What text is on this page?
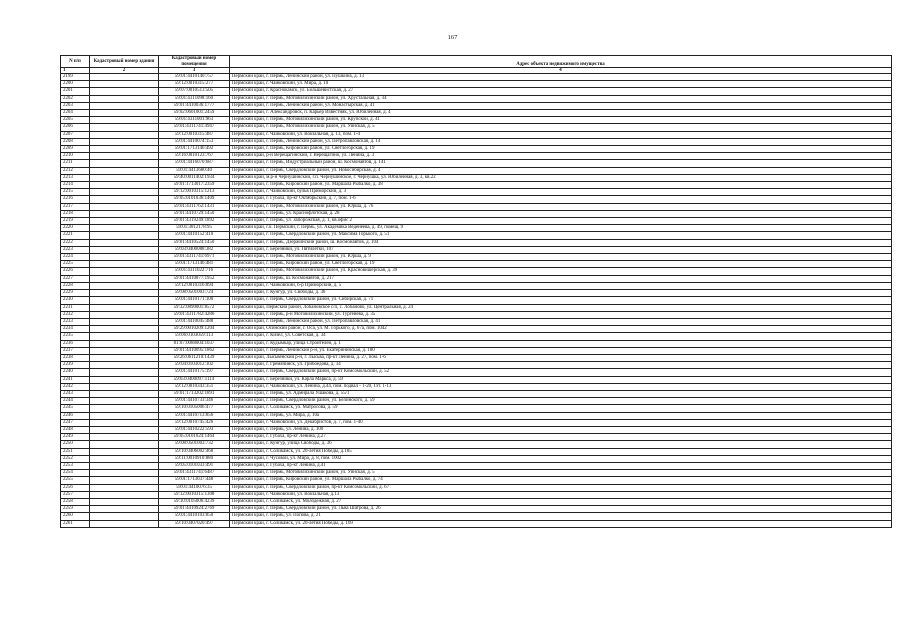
167
N п/п	Кадастровый номер здания	Кадастровый номер помещения	Адрес объекта недвижимого имущества
1	2	3	4
2199		59:01:4410140:757	Пермский край, г. Пермь, Ленинский район, ул. Пушкина, д. 13
2200		59:12:0010315:277	Пермский край, г. Чайковский, ул. Мира, д. 10
2201		59:07:0010513:505	Пермский край, г. Краснокамск, ул. Большевистская, д. 27
2202		59:01:4311098:160	Пермский край, г. Пермь, Мотовилихинский район, ул. Хрустальная, д. 34
2203		59:01:4410036:1777	Пермский край, г. Пермь, Ленинский район, ул. Монастырская, д. 41
2204		59:02:0601001:2459	Пермский край, г. Александровск, п. Карьер Известняк, ул. Юбилейная, д. 4
2205		59:01:4311001:963	Пермский край, г. Пермь, Мотовилихинский район, ул. Крупской, д. 41
2206		59:01:4311741:4947	Пермский край, г. Пермь, Мотовилихинский район, ул. Уинская, д. 5
2207		59:12:0010315:487	Пермский край, г. Чайковский, ул. Вокзальная, д. 13, пом. 1-4
2208		59:01:4410074:153	Пермский край, г. Пермь, Ленинский район, ул. Петропавловская, д. 14
2209		59:01:1713146:492	Пермский край, г. Пермь, Кировский район, ул. Светлогорская, д. 19
2210		59:16:0010123:767	Пермский край, р-н Верещагинский, г. Верещагино, ул. Ленина, д. 3
2211		59:01:4416070:687	Пермский край, г. Пермь, Индустриальный район, ш. Космонавтов, д. 141
2212		59:01:4413680:40	Пермский край, г. Пермь, Свердловский район, ул. Новосибирская, д. 4
2213		59:40:0011402:1934	Пермский край, м.р-н Чернушинский, г.п. Чернушинское, г. Чернушка, ул. Юбилейная, д. 3, кв.22
2214		59:01:1713017:2359	Пермский край, г. Пермь, Кировский район, ул. Маршала Рыбалко, д. 38
2215		59:12:0010315:1213	Пермский край, г. Чайковский, бульв Приморский, д. 3
2216		59:05:0101036:1409	Пермский край, г. Губаха, пр-кт Октябрьский, д. 7, пом. 1-6
2217		59:01:4311762:1431	Пермский край, г. Пермь, Мотовилихинский район, ул. Юрша, д. 76
2218		59:01:4410729:1450	Пермский край, г. Пермь, ул. Краснофлотская, д. 28
2219		59:01:4319249:1892	Пермский край, г. Пермь, ул. Запорожская, д. 1, кв.офис 2
2220		59:01:3812178:95	Пермский край, г.о. Пермский, г. Пермь, ул. Академика Веденеева, д. 49, помещ. 9
2221		59:01:4410152:410	Пермский край, г. Пермь, Свердловский район, ул. Максима Горького, д. 51
2222		59:01:4410524:1450	Пермский край, г. Пермь, Дзержинский район, ш. Космонавтов, д. 104
2223		59:03:0400088:382	Пермский край, г. Березники, ул. Пятилетки, 107
2224		59:01:4311741:6971	Пермский край, г. Пермь, Мотовилихинский район, ул. Юрша, д. 9
2225		59:01:1713146:481	Пермский край, г. Пермь, Кировский район, ул. Светлогорская, д. 19
2226		59:01:4311022:716	Пермский край, г. Пермь, Мотовилихинский район, ул. Красновишерская, д. 39
2227		59:01:4410877:1952	Пермский край, г. Пермь, ш. Космонавтов, д. 217
2228		59:12:0010316:894	Пермский край, г. Чайковский, б-р Приморский, д. 5
2229		59:08:0501003:724	Пермский край, г. Кунгур, ул. Свободы, д. 36
2230		59:01:4410171:100	Пермский край, г. Пермь, Свердловский район, ул. Сибирская, д. 71
2231		59:32:0890001:8572	Пермский край, Пермский район, Лобановское с/п, с. Лобаново, ул. Центральная, д. 24
2232		59:01:4311782:4286	Пермский край, г. Пермь, р-н Мотовилихинский, ул. Тургенева, д. 35
2233		59:01:4410045:488	Пермский край, г. Пермь, Ленинский район, ул. Петропавловская, д. 41
2234		59:29:0010209:1204	Пермский край, Осинский район, г. Оса, ул. М. Горького, д. 67а, пом. 1042
2235		59:06:0103059:113	Пермский край, г. Кизел, ул. Советская, д. 34
2236		81:07:0088004:1037	Пермский край, г. Кудымкар, улица Строителей, д. 1
2237		59:01:4410095:1862	Пермский край, г. Пермь, Ленинский р-н, ул. Екатерининская, д. 180
2238		59:26:0611210:1439	Пермский край, Лысьвенский р-н, г. Лысьва, пр-кт Ленина, д. 27, пом. 1-6
2239		59:04:0103012:102	Пермский край, г. Гремячинск, ул. Грибоедова, д. 34
2240		59:01:4410175:197	Пермский край, г. Пермь, Свердловский район, пр-кт Комсомольский, д. 52
2241		59:03:0400097:1114	Пермский край, г. Березники, ул. Карла Маркса, д. 59
2242		59:12:0010343:351	Пермский край, г. Чайковский, ул. Ленина, д.44, пом. подвал - 1-20, 1эт. 1-13
2243		59:01:1713202:1891	Пермский край, г. Пермь, ул. Адмирала Ушакова, д. 55/1
2244		59:01:4410733:346	Пермский край, г. Пермь, Свердловский район, ул. Белинского, д. 59
2245		59:10:0105006:477	Пермский край, г. Соликамск, ул. Матросова, д. 59
2246		59:01:4410713:856	Пермский край, г. Пермь, ул. Мира, д. 10а
2247		59:12:0010745:426	Пермский край, г. Чайковский, ул. Декабристов, д. 7, пом. 1-40
2248		59:01:4410222:593	Пермский край, г. Пермь, ул. Ленина, д. 100
2249		59:05:0101024:1464	Пермский край, г. Губаха, пр-кт Ленина, д.27
2250		59:08:0501003:732	Пермский край, г. Кунгур, улица Свободы, д. 36
2251		59:10:0406002:468	Пермский край, г. Соликамск, ул. 20-летия Победы, д.185
2252		59:11:0010910:880	Пермский край, г. Чусовой, ул. Мира, д. 8, пом. 1002
2253		59:05:0101033:491	Пермский край, г. Губаха, пр-кт Ленина, д.41
2254		59:01:4311741:6487	Пермский край, г. Пермь, Мотовилихинский район, ул. Уинская, д. 5
2255		59:01:1713037:448	Пермский край, г. Пермь, Кировский район, ул. Маршала Рыбалко, д. 74
2256		59:01:4410076:35	Пермский край, г. Пермь, Свердловский район, пр-кт Комсомольский, д. 67
2257		59:12:0010315:1308	Пермский край, г. Чайковский, ул. Вокзальная, д.13
2258		59:10:0105006:4239	Пермский край, г. Соликамск, ул. Молодежная, д. 27
2259		59:01:4410924:2769	Пермский край, г. Пермь, Свердловский район, ул. Льва Шатрова, д. 26
2260		59:01:4410103:850	Пермский край, г. Пермь, ул. Попова, д. 21
2261		59:10:0407020:497	Пермский край, г. Соликамск, ул. 20-летия Победы, д. 169
